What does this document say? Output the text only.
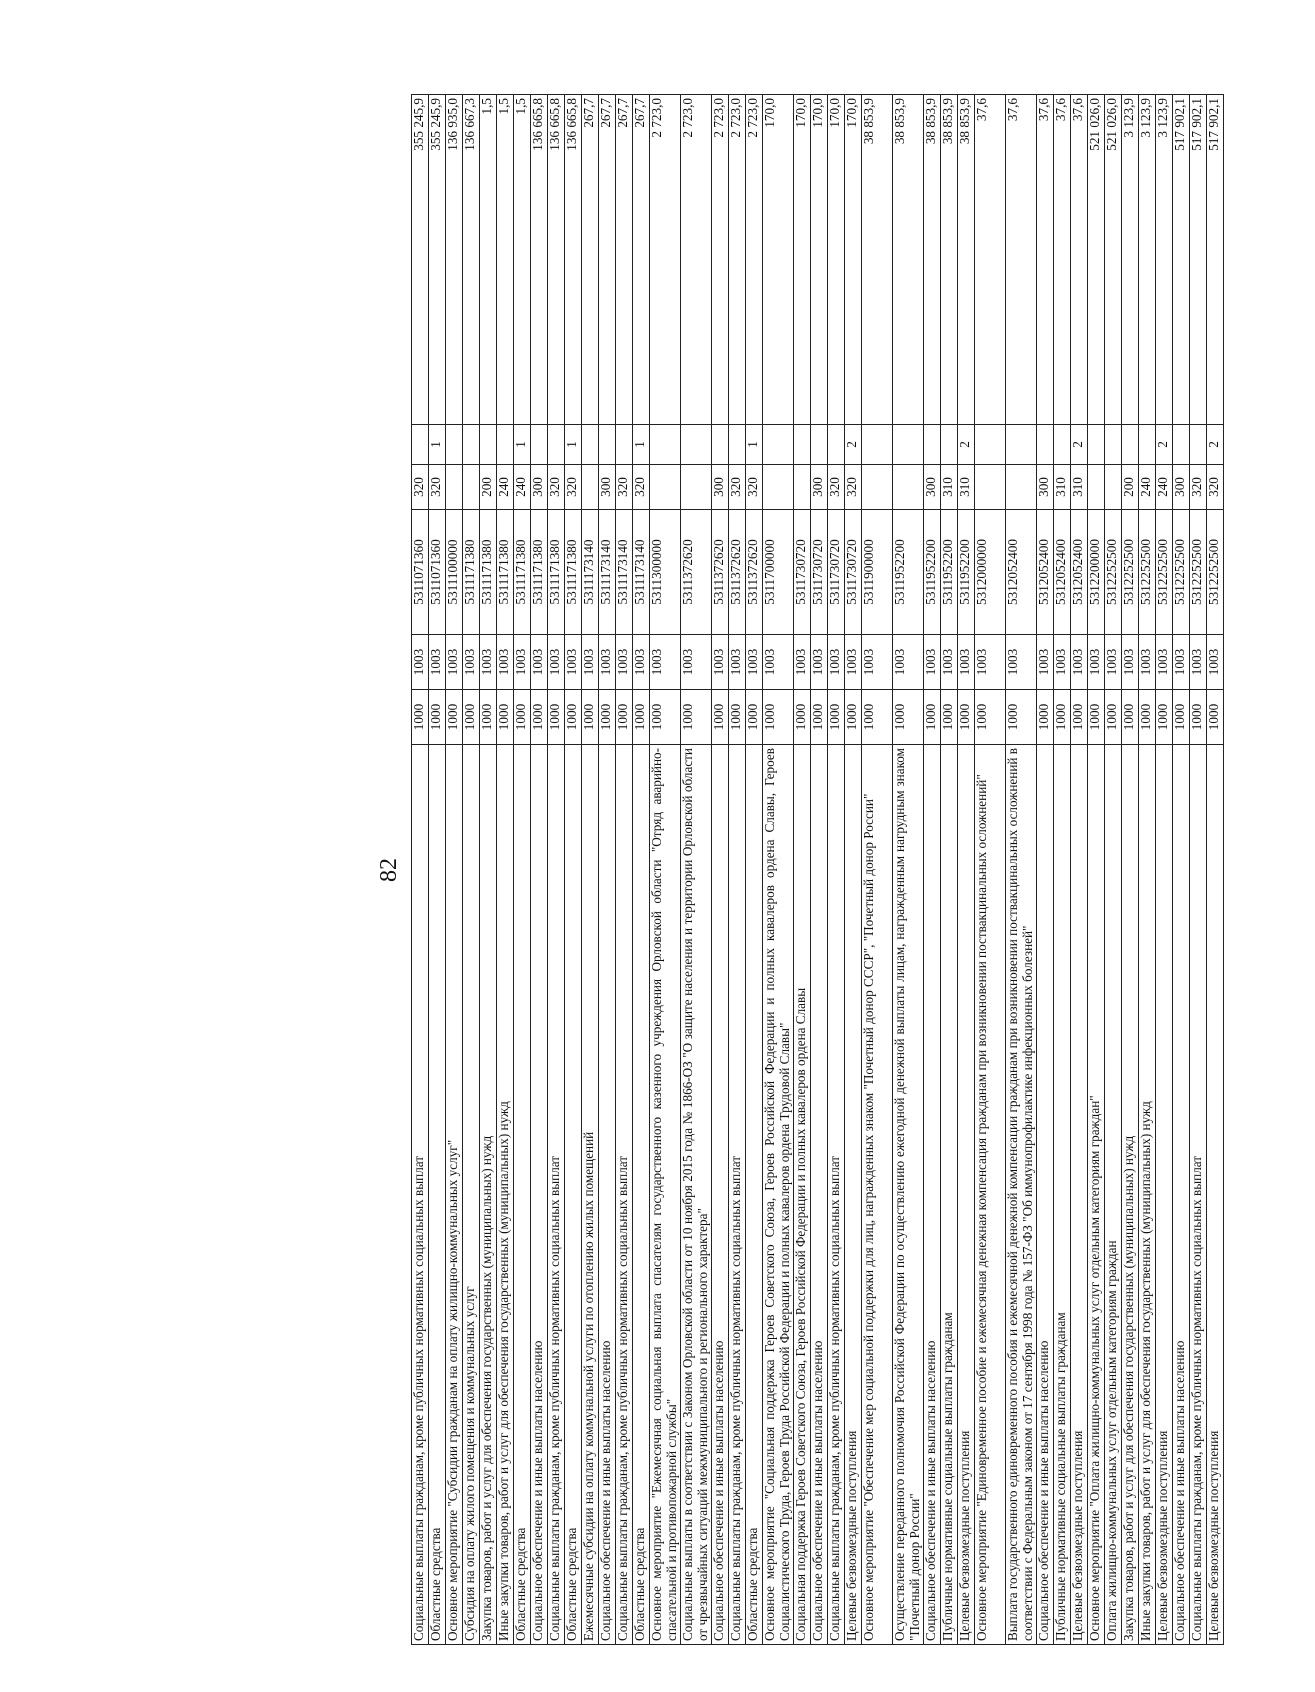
82
Социальные выплаты гражданам, кроме публичных нормативных социальных выплат	1000	1003	5311071360	320		355 245,9
Областные средства	1000	1003	5311071360	320	1	355 245,9
Основное мероприятие "Субсидии гражданам на оплату жилищно-коммунальных услуг"	1000	1003	5311100000			136 935,0
Субсидия на оплату жилого помещения и коммунальных услуг	1000	1003	5311171380			136 667,3
Закупка товаров, работ и услуг для обеспечения государственных (муниципальных) нужд	1000	1003	5311171380	200		1,5
Иные закупки товаров, работ и услуг для обеспечения государственных (муниципальных) нужд	1000	1003	5311171380	240		1,5
Областные средства	1000	1003	5311171380	240	1	1,5
Социальное обеспечение и иные выплаты населению	1000	1003	5311171380	300		136 665,8
Социальные выплаты гражданам, кроме публичных нормативных социальных выплат	1000	1003	5311171380	320		136 665,8
Областные средства	1000	1003	5311171380	320	1	136 665,8
Ежемесячные субсидии на оплату коммунальной услуги по отоплению жилых помещений	1000	1003	5311173140			267,7
Социальное обеспечение и иные выплаты населению	1000	1003	5311173140	300		267,7
Социальные выплаты гражданам, кроме публичных нормативных социальных выплат	1000	1003	5311173140	320		267,7
Областные средства	1000	1003	5311173140	320	1	267,7
Основное мероприятие "Ежемесячная социальная выплата спасателям государственного казенного учреждения Орловской области "Отряд аварийно-спасательной и противопожарной службы"	1000	1003	5311300000			2 723,0
Социальные выплаты в соответствии с Законом Орловской области от 10 ноября 2015 года № 1866-ОЗ "О защите населения и территории Орловской области от чрезвычайных ситуаций межмуниципального и регионального характера"	1000	1003	5311372620			2 723,0
Социальное обеспечение и иные выплаты населению	1000	1003	5311372620	300		2 723,0
Социальные выплаты гражданам, кроме публичных нормативных социальных выплат	1000	1003	5311372620	320		2 723,0
Областные средства	1000	1003	5311372620	320	1	2 723,0
Основное мероприятие "Социальная поддержка Героев Советского Союза, Героев Российской Федерации и полных кавалеров ордена Славы, Героев Социалистического Труда, Героев Труда Российской Федерации и полных кавалеров ордена Трудовой Славы"	1000	1003	5311700000			170,0
Социальная поддержка Героев Советского Союза, Героев Российской Федерации и полных кавалеров ордена Славы	1000	1003	5311730720			170,0
Социальное обеспечение и иные выплаты населению	1000	1003	5311730720	300		170,0
Социальные выплаты гражданам, кроме публичных нормативных социальных выплат	1000	1003	5311730720	320		170,0
Целевые безвозмездные поступления	1000	1003	5311730720	320	2	170,0
Основное мероприятие "Обеспечение мер социальной поддержки для лиц, награжденных знаком "Почетный донор СССР", "Почетный донор России"	1000	1003	5311900000			38 853,9
Осуществление переданного полномочия Российской Федерации по осуществлению ежегодной денежной выплаты лицам, награжденным нагрудным знаком "Почетный донор России"	1000	1003	5311952200			38 853,9
Социальное обеспечение и иные выплаты населению	1000	1003	5311952200	300		38 853,9
Публичные нормативные социальные выплаты гражданам	1000	1003	5311952200	310		38 853,9
Целевые безвозмездные поступления	1000	1003	5311952200	310	2	38 853,9
Основное мероприятие "Единовременное пособие и ежемесячная денежная компенсация гражданам при возникновении поствакцинальных осложнений"	1000	1003	5312000000			37,6
Выплата государственного единовременного пособия и ежемесячной денежной компенсации гражданам при возникновении поствакцинальных осложнений в соответствии с Федеральным законом от 17 сентября 1998 года № 157-ФЗ "Об иммунопрофилактике инфекционных болезней"	1000	1003	5312052400			37,6
Социальное обеспечение и иные выплаты населению	1000	1003	5312052400	300		37,6
Публичные нормативные социальные выплаты гражданам	1000	1003	5312052400	310		37,6
Целевые безвозмездные поступления	1000	1003	5312052400	310	2	37,6
Основное мероприятие "Оплата жилищно-коммунальных услуг отдельным категориям граждан"	1000	1003	5312200000			521 026,0
Оплата жилищно-коммунальных услуг отдельным категориям граждан	1000	1003	5312252500			521 026,0
Закупка товаров, работ и услуг для обеспечения государственных (муниципальных) нужд	1000	1003	5312252500	200		3 123,9
Иные закупки товаров, работ и услуг для обеспечения государственных (муниципальных) нужд	1000	1003	5312252500	240		3 123,9
Целевые безвозмездные поступления	1000	1003	5312252500	240	2	3 123,9
Социальное обеспечение и иные выплаты населению	1000	1003	5312252500	300		517 902,1
Социальные выплаты гражданам, кроме публичных нормативных социальных выплат	1000	1003	5312252500	320		517 902,1
Целевые безвозмездные поступления	1000	1003	5312252500	320	2	517 902,1
